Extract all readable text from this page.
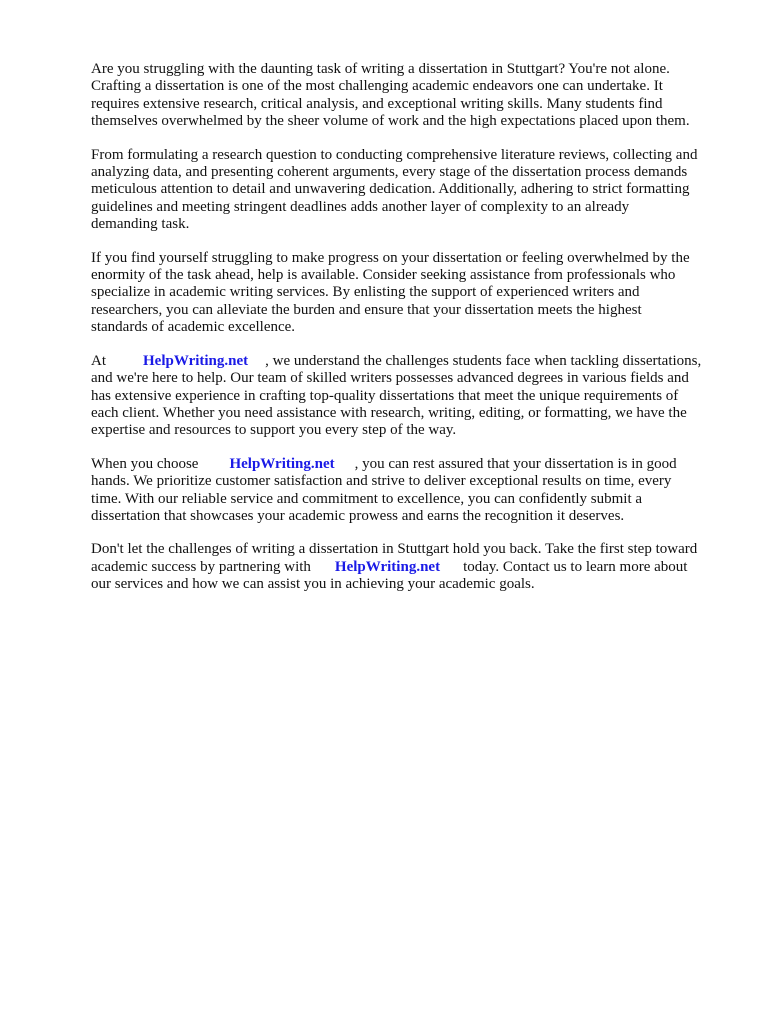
Are you struggling with the daunting task of writing a dissertation in Stuttgart? You're not alone.
Crafting a dissertation is one of the most challenging academic endeavors one can undertake. It
requires extensive research, critical analysis, and exceptional writing skills. Many students find
themselves overwhelmed by the sheer volume of work and the high expectations placed upon them.

From formulating a research question to conducting comprehensive literature reviews, collecting and
analyzing data, and presenting coherent arguments, every stage of the dissertation process demands
meticulous attention to detail and unwavering dedication. Additionally, adhering to strict formatting
guidelines and meeting stringent deadlines adds another layer of complexity to an already
demanding task.

If you find yourself struggling to make progress on your dissertation or feeling overwhelmed by the
enormity of the task ahead, help is available. Consider seeking assistance from professionals who
specialize in academic writing services. By enlisting the support of experienced writers and
researchers, you can alleviate the burden and ensure that your dissertation meets the highest
standards of academic excellence.

At HelpWriting.net , we understand the challenges students face when tackling dissertations,
and we're here to help. Our team of skilled writers possesses advanced degrees in various fields and
has extensive experience in crafting top-quality dissertations that meet the unique requirements of
each client. Whether you need assistance with research, writing, editing, or formatting, we have the
expertise and resources to support you every step of the way.

When you choose HelpWriting.net , you can rest assured that your dissertation is in good
hands. We prioritize customer satisfaction and strive to deliver exceptional results on time, every
time. With our reliable service and commitment to excellence, you can confidently submit a
dissertation that showcases your academic prowess and earns the recognition it deserves.

Don't let the challenges of writing a dissertation in Stuttgart hold you back. Take the first step toward
academic success by partnering with HelpWriting.net today. Contact us to learn more about
our services and how we can assist you in achieving your academic goals.
